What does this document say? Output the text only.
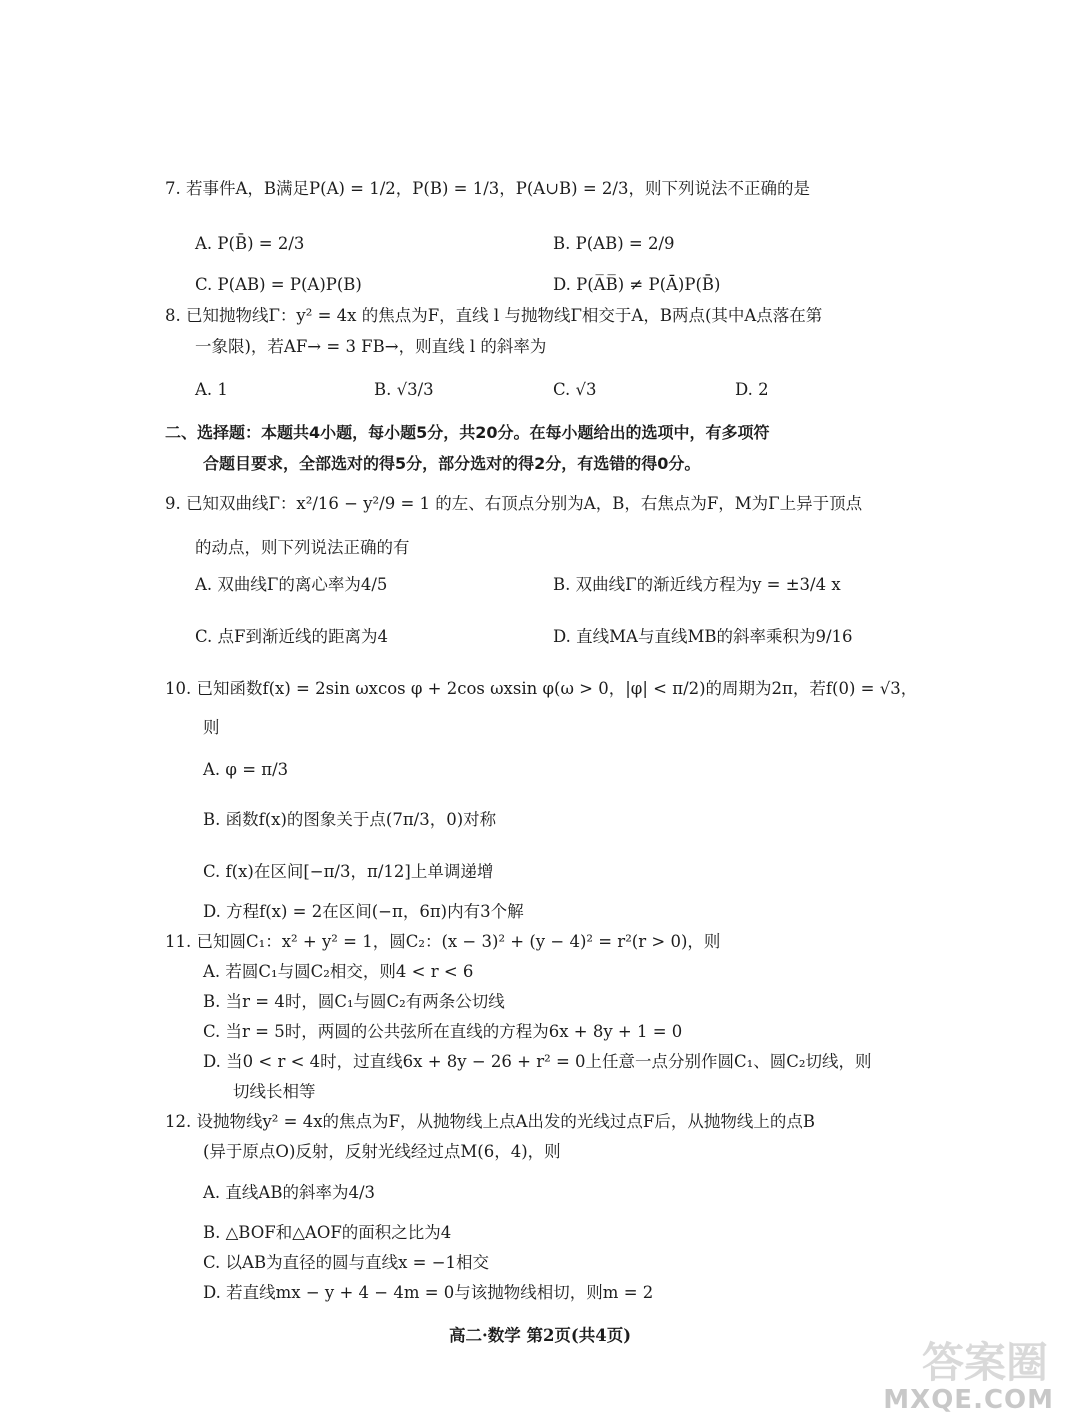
7. 若事件A，B满足P(A) = 1/2，P(B) = 1/3，P(A∪B) = 2/3，则下列说法不正确的是
A. P(B̄) = 2/3	B. P(AB) = 2/9
C. P(AB) = P(A)P(B)	D. P(A̅B̅) ≠ P(Ā)P(B̄)
8. 已知抛物线Γ：y² = 4x 的焦点为F，直线 l 与抛物线Γ相交于A，B两点(其中A点落在第
一象限)，若AF→ = 3 FB→，则直线 l 的斜率为
A. 1	B. √3/3	C. √3	D. 2
二、选择题：本题共4小题，每小题5分，共20分。在每小题给出的选项中，有多项符
合题目要求，全部选对的得5分，部分选对的得2分，有选错的得0分。
9. 已知双曲线Γ：x²/16 − y²/9 = 1 的左、右顶点分别为A，B，右焦点为F，M为Γ上异于顶点
的动点，则下列说法正确的有
A. 双曲线Γ的离心率为4/5	B. 双曲线Γ的渐近线方程为y = ±3/4 x
C. 点F到渐近线的距离为4	D. 直线MA与直线MB的斜率乘积为9/16
10. 已知函数f(x) = 2sin ωxcos φ + 2cos ωxsin φ(ω > 0，|φ| < π/2)的周期为2π，若f(0) = √3，
则
A. φ = π/3
B. 函数f(x)的图象关于点(7π/3，0)对称
C. f(x)在区间[−π/3，π/12]上单调递增
D. 方程f(x) = 2在区间(−π，6π)内有3个解
11. 已知圆C₁：x² + y² = 1，圆C₂：(x − 3)² + (y − 4)² = r²(r > 0)，则
A. 若圆C₁与圆C₂相交，则4 < r < 6
B. 当r = 4时，圆C₁与圆C₂有两条公切线
C. 当r = 5时，两圆的公共弦所在直线的方程为6x + 8y + 1 = 0
D. 当0 < r < 4时，过直线6x + 8y − 26 + r² = 0上任意一点分别作圆C₁、圆C₂切线，则
切线长相等
12. 设抛物线y² = 4x的焦点为F，从抛物线上点A出发的光线过点F后，从抛物线上的点B
(异于原点O)反射，反射光线经过点M(6，4)，则
A. 直线AB的斜率为4/3
B. △BOF和△AOF的面积之比为4
C. 以AB为直径的圆与直线x = −1相交
D. 若直线mx − y + 4 − 4m = 0与该抛物线相切，则m = 2
高二·数学 第2页(共4页)
答案圈
MXQE.COM
